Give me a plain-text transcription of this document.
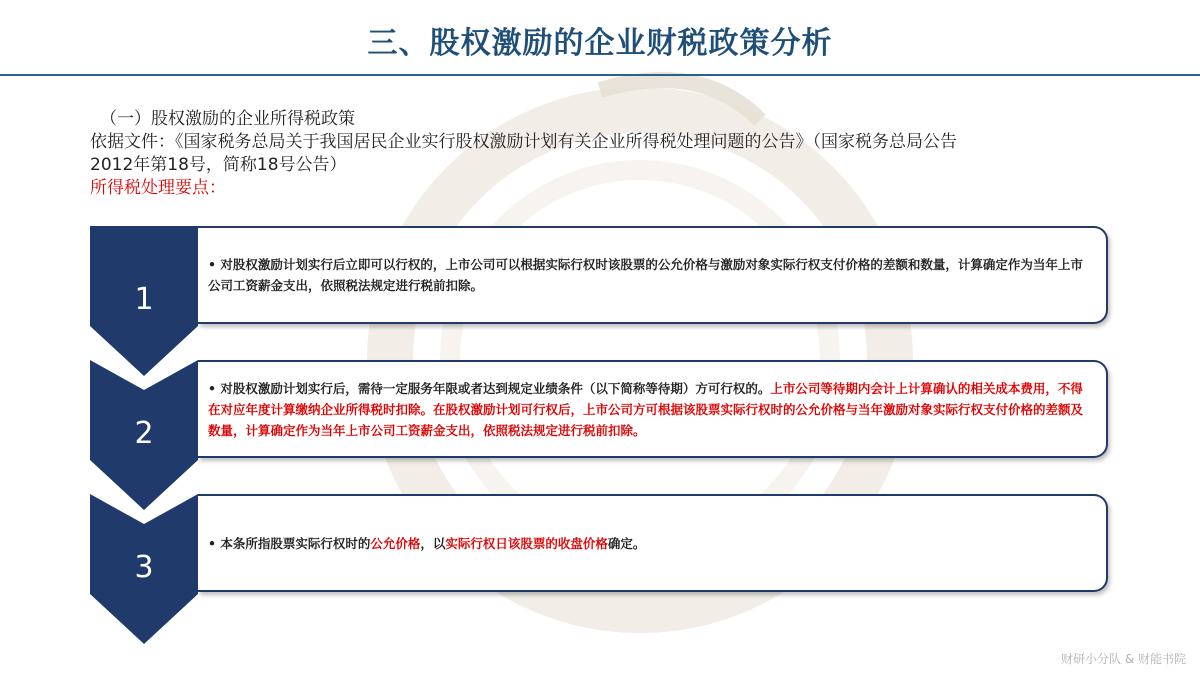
三、股权激励的企业财税政策分析
（一）股权激励的企业所得税政策
依据文件：《国家税务总局关于我国居民企业实行股权激励计划有关企业所得税处理问题的公告》（国家税务总局公告
2012年第18号，简称18号公告）
所得税处理要点：

• 对股权激励计划实行后立即可以行权的，上市公司可以根据实际行权时该股票的公允价格与激励对象实际行权支付价格的差额和数量，计算确定作为当年上市公司工资薪金支出，依照税法规定进行税前扣除。

1

• 对股权激励计划实行后，需待一定服务年限或者达到规定业绩条件（以下简称等待期）方可行权的。上市公司等待期内会计上计算确认的相关成本费用，不得在对应年度计算缴纳企业所得税时扣除。在股权激励计划可行权后，上市公司方可根据该股票实际行权时的公允价格与当年激励对象实际行权支付价格的差额及数量，计算确定作为当年上市公司工资薪金支出，依照税法规定进行税前扣除。

2

• 本条所指股票实际行权时的公允价格，以实际行权日该股票的收盘价格确定。

3
财研小分队 & 财能书院
